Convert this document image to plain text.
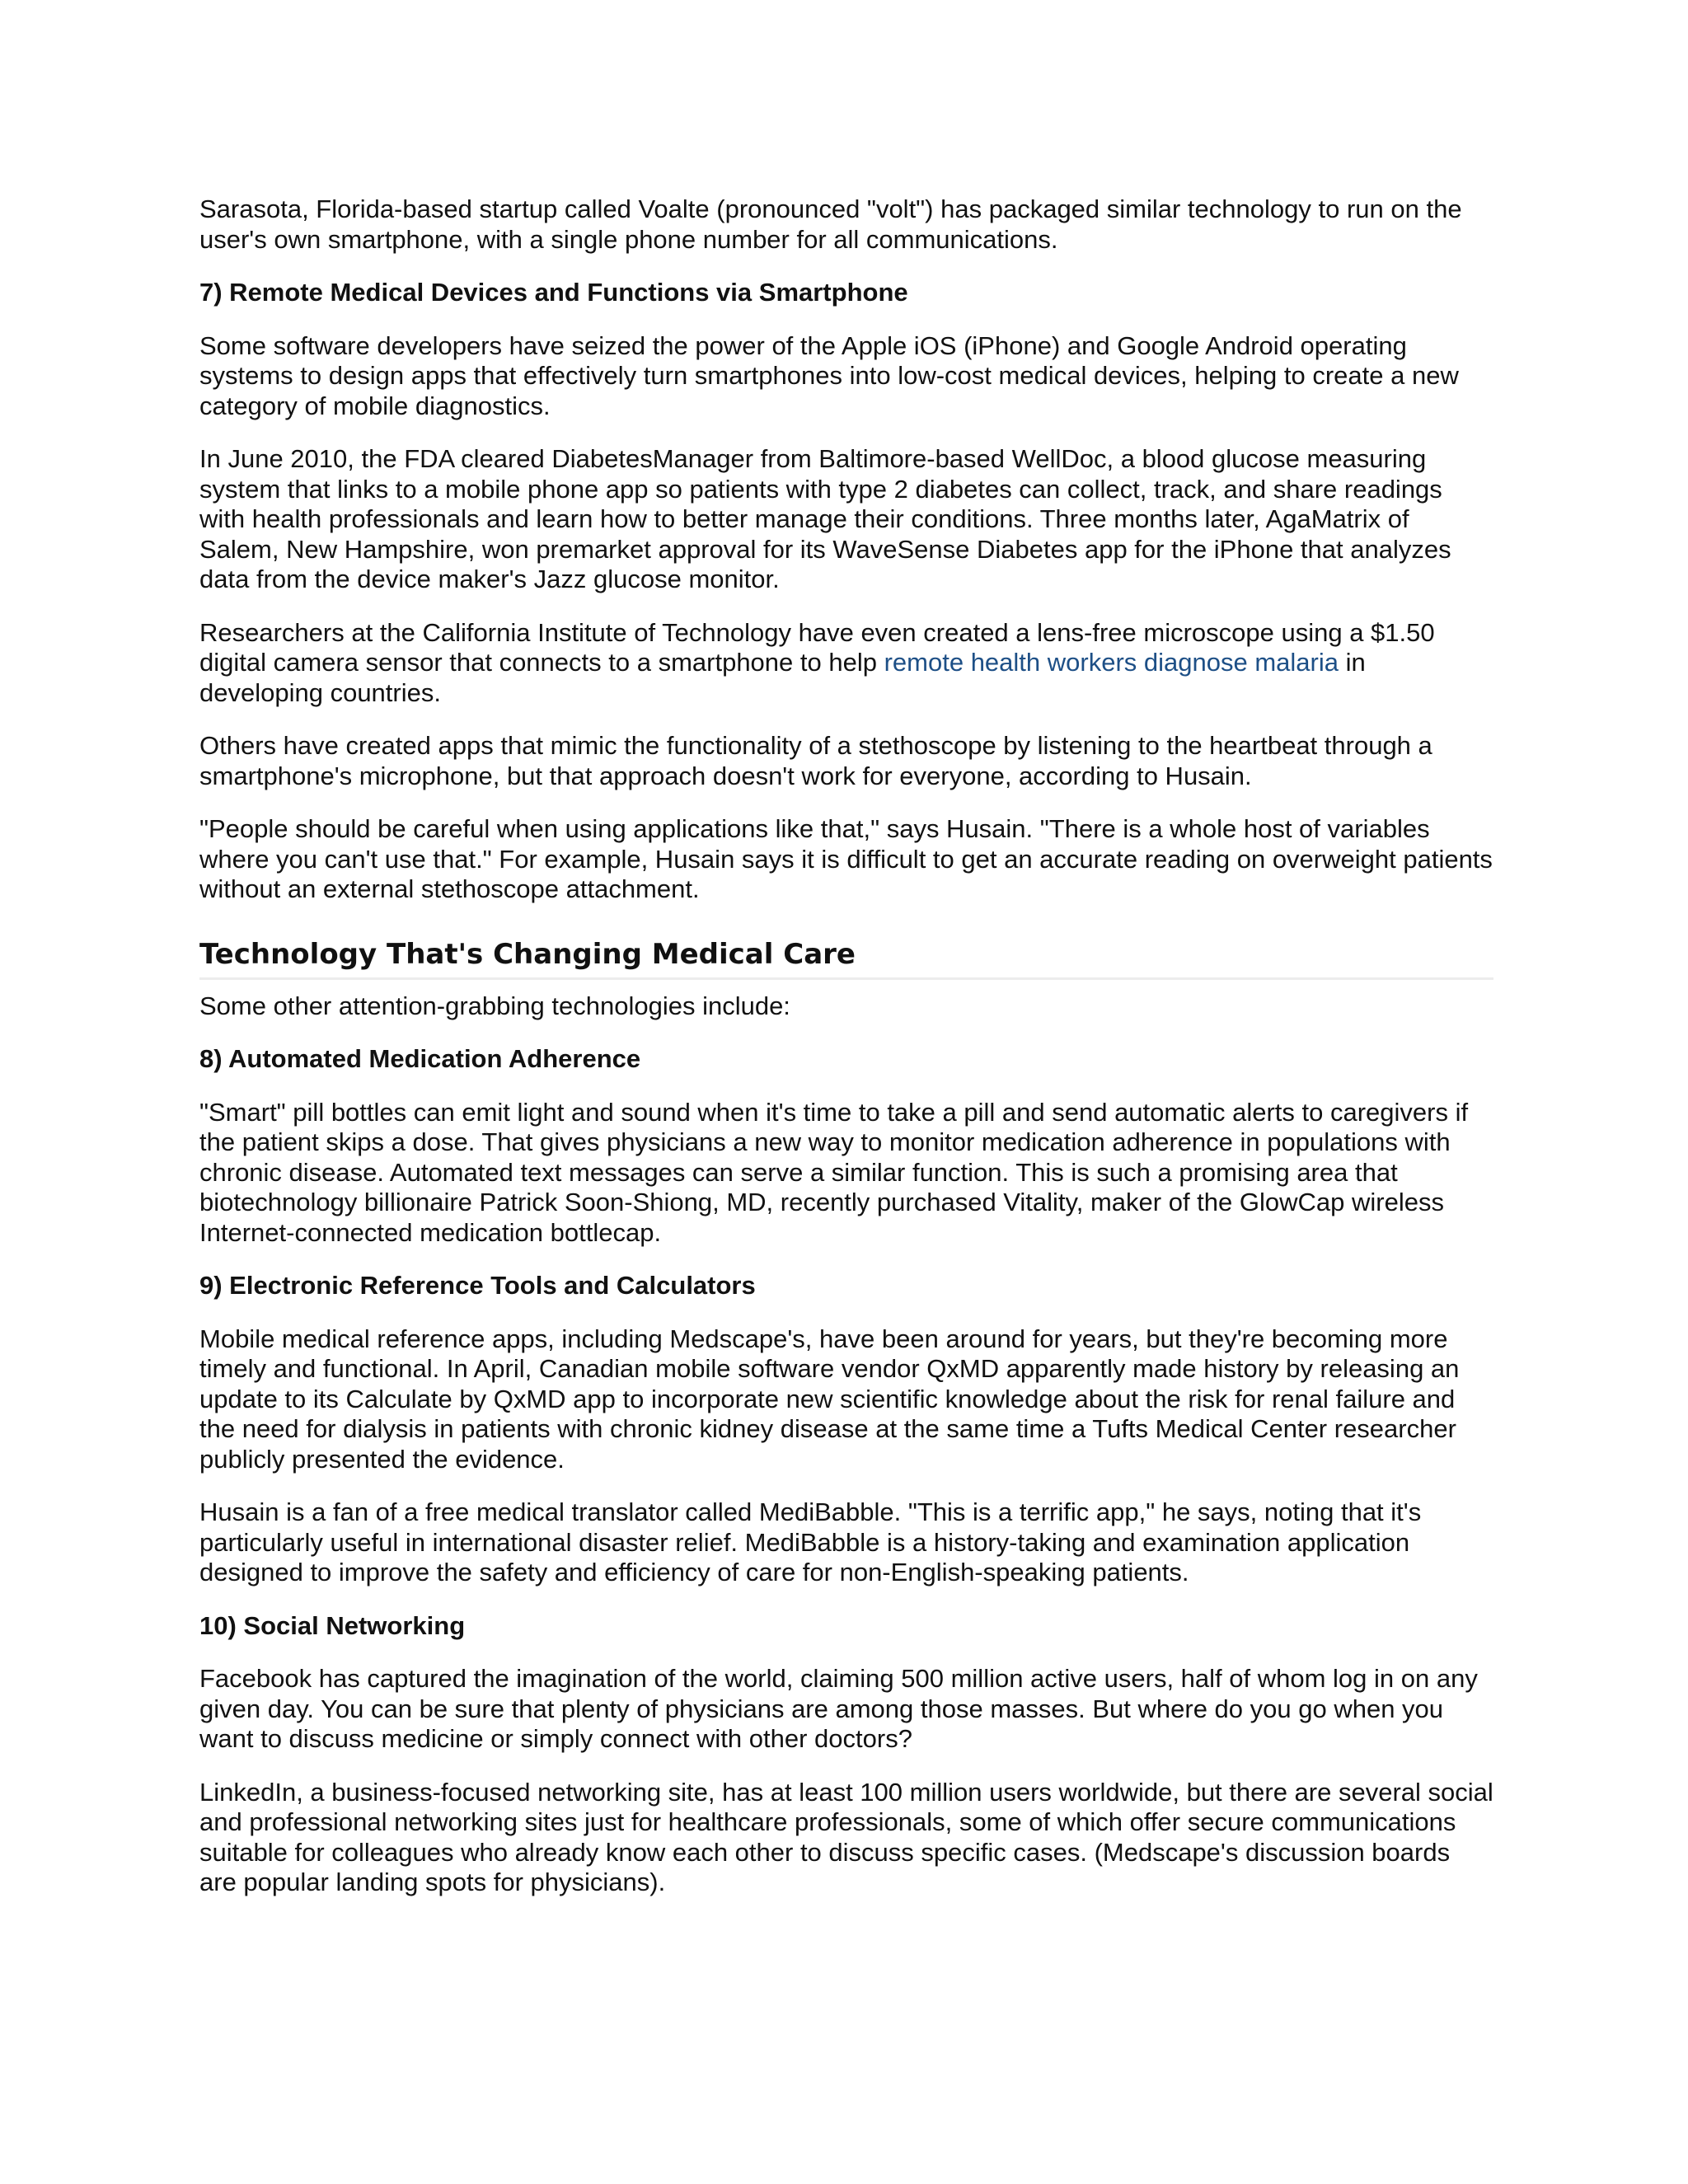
Sarasota, Florida-based startup called Voalte (pronounced "volt") has packaged similar technology to run on the user's own smartphone, with a single phone number for all communications.

7) Remote Medical Devices and Functions via Smartphone

Some software developers have seized the power of the Apple iOS (iPhone) and Google Android operating systems to design apps that effectively turn smartphones into low-cost medical devices, helping to create a new category of mobile diagnostics.

In June 2010, the FDA cleared DiabetesManager from Baltimore-based WellDoc, a blood glucose measuring system that links to a mobile phone app so patients with type 2 diabetes can collect, track, and share readings with health professionals and learn how to better manage their conditions. Three months later, AgaMatrix of Salem, New Hampshire, won premarket approval for its WaveSense Diabetes app for the iPhone that analyzes data from the device maker's Jazz glucose monitor.

Researchers at the California Institute of Technology have even created a lens-free microscope using a $1.50 digital camera sensor that connects to a smartphone to help remote health workers diagnose malaria in developing countries.

Others have created apps that mimic the functionality of a stethoscope by listening to the heartbeat through a smartphone's microphone, but that approach doesn't work for everyone, according to Husain.

"People should be careful when using applications like that," says Husain. "There is a whole host of variables where you can't use that." For example, Husain says it is difficult to get an accurate reading on overweight patients without an external stethoscope attachment.

Technology That's Changing Medical Care

Some other attention-grabbing technologies include:

8) Automated Medication Adherence

"Smart" pill bottles can emit light and sound when it's time to take a pill and send automatic alerts to caregivers if the patient skips a dose. That gives physicians a new way to monitor medication adherence in populations with chronic disease. Automated text messages can serve a similar function. This is such a promising area that biotechnology billionaire Patrick Soon-Shiong, MD, recently purchased Vitality, maker of the GlowCap wireless Internet-connected medication bottlecap.

9) Electronic Reference Tools and Calculators

Mobile medical reference apps, including Medscape's, have been around for years, but they're becoming more timely and functional. In April, Canadian mobile software vendor QxMD apparently made history by releasing an update to its Calculate by QxMD app to incorporate new scientific knowledge about the risk for renal failure and the need for dialysis in patients with chronic kidney disease at the same time a Tufts Medical Center researcher publicly presented the evidence.

Husain is a fan of a free medical translator called MediBabble. "This is a terrific app," he says, noting that it's particularly useful in international disaster relief. MediBabble is a history-taking and examination application designed to improve the safety and efficiency of care for non-English-speaking patients.

10) Social Networking

Facebook has captured the imagination of the world, claiming 500 million active users, half of whom log in on any given day. You can be sure that plenty of physicians are among those masses. But where do you go when you want to discuss medicine or simply connect with other doctors?

LinkedIn, a business-focused networking site, has at least 100 million users worldwide, but there are several social and professional networking sites just for healthcare professionals, some of which offer secure communications suitable for colleagues who already know each other to discuss specific cases. (Medscape's discussion boards are popular landing spots for physicians).
